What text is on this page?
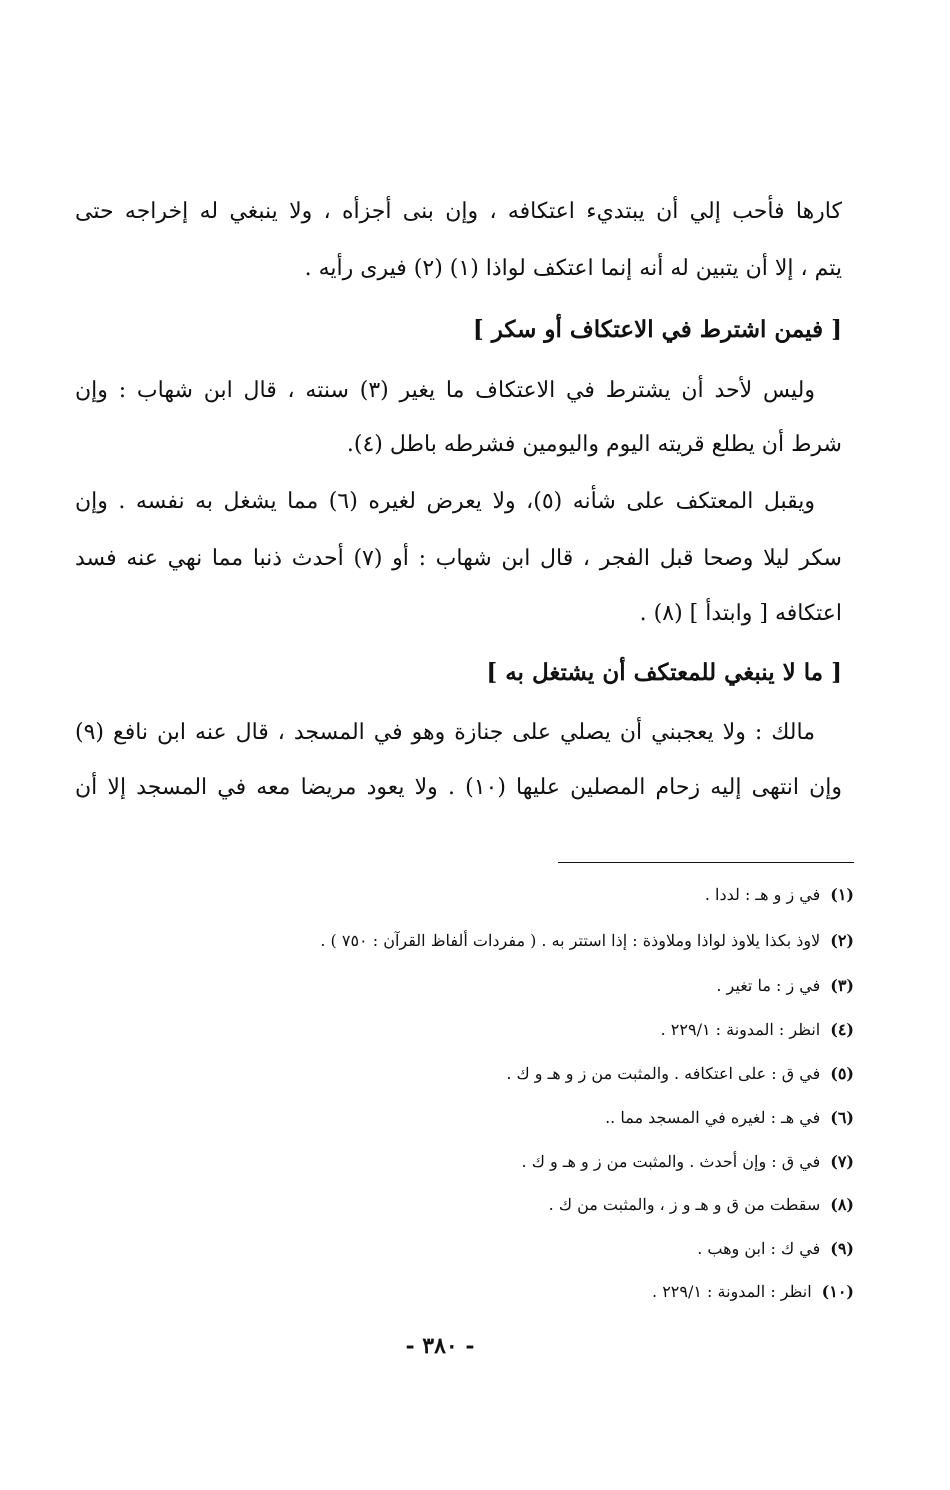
كارها فأحب إلي أن يبتديء اعتكافه ، وإن بنى أجزأه ، ولا ينبغي له إخراجه حتى
يتم ، إلا أن يتبين له أنه إنما اعتكف لواذا (١) (٢) فيرى رأيه .
[ فيمن اشترط في الاعتكاف أو سكر ]
وليس لأحد أن يشترط في الاعتكاف ما يغير (٣) سنته ، قال ابن شهاب : وإن
شرط أن يطلع قريته اليوم واليومين فشرطه باطل (٤).
ويقبل المعتكف على شأنه (٥)، ولا يعرض لغيره (٦) مما يشغل به نفسه . وإن
سكر ليلا وصحا قبل الفجر ، قال ابن شهاب : أو (٧) أحدث ذنبا مما نهي عنه فسد
اعتكافه [ وابتدأ ] (٨) .
[ ما لا ينبغي للمعتكف أن يشتغل به ]
مالك : ولا يعجبني أن يصلي على جنازة وهو في المسجد ، قال عنه ابن نافع (٩)
وإن انتهى إليه زحام المصلين عليها (١٠) . ولا يعود مريضا معه في المسجد إلا أن
(١)في ز و هـ : لددا .
(٢)لاوذ بكذا يلاوذ لواذا وملاوذة : إذا استتر به . ( مفردات ألفاظ القرآن : ٧٥٠ ) .
(٣)في ز : ما تغير .
(٤)انظر : المدونة : ٢٢٩/١ .
(٥)في ق : على اعتكافه . والمثبت من ز و هـ و ك .
(٦)في هـ : لغيره في المسجد مما ..
(٧)في ق : وإن أحدث . والمثبت من ز و هـ و ك .
(٨)سقطت من ق و هـ و ز ، والمثبت من ك .
(٩)في ك : ابن وهب .
(١٠)انظر : المدونة : ٢٢٩/١ .
- ٣٨٠ -
